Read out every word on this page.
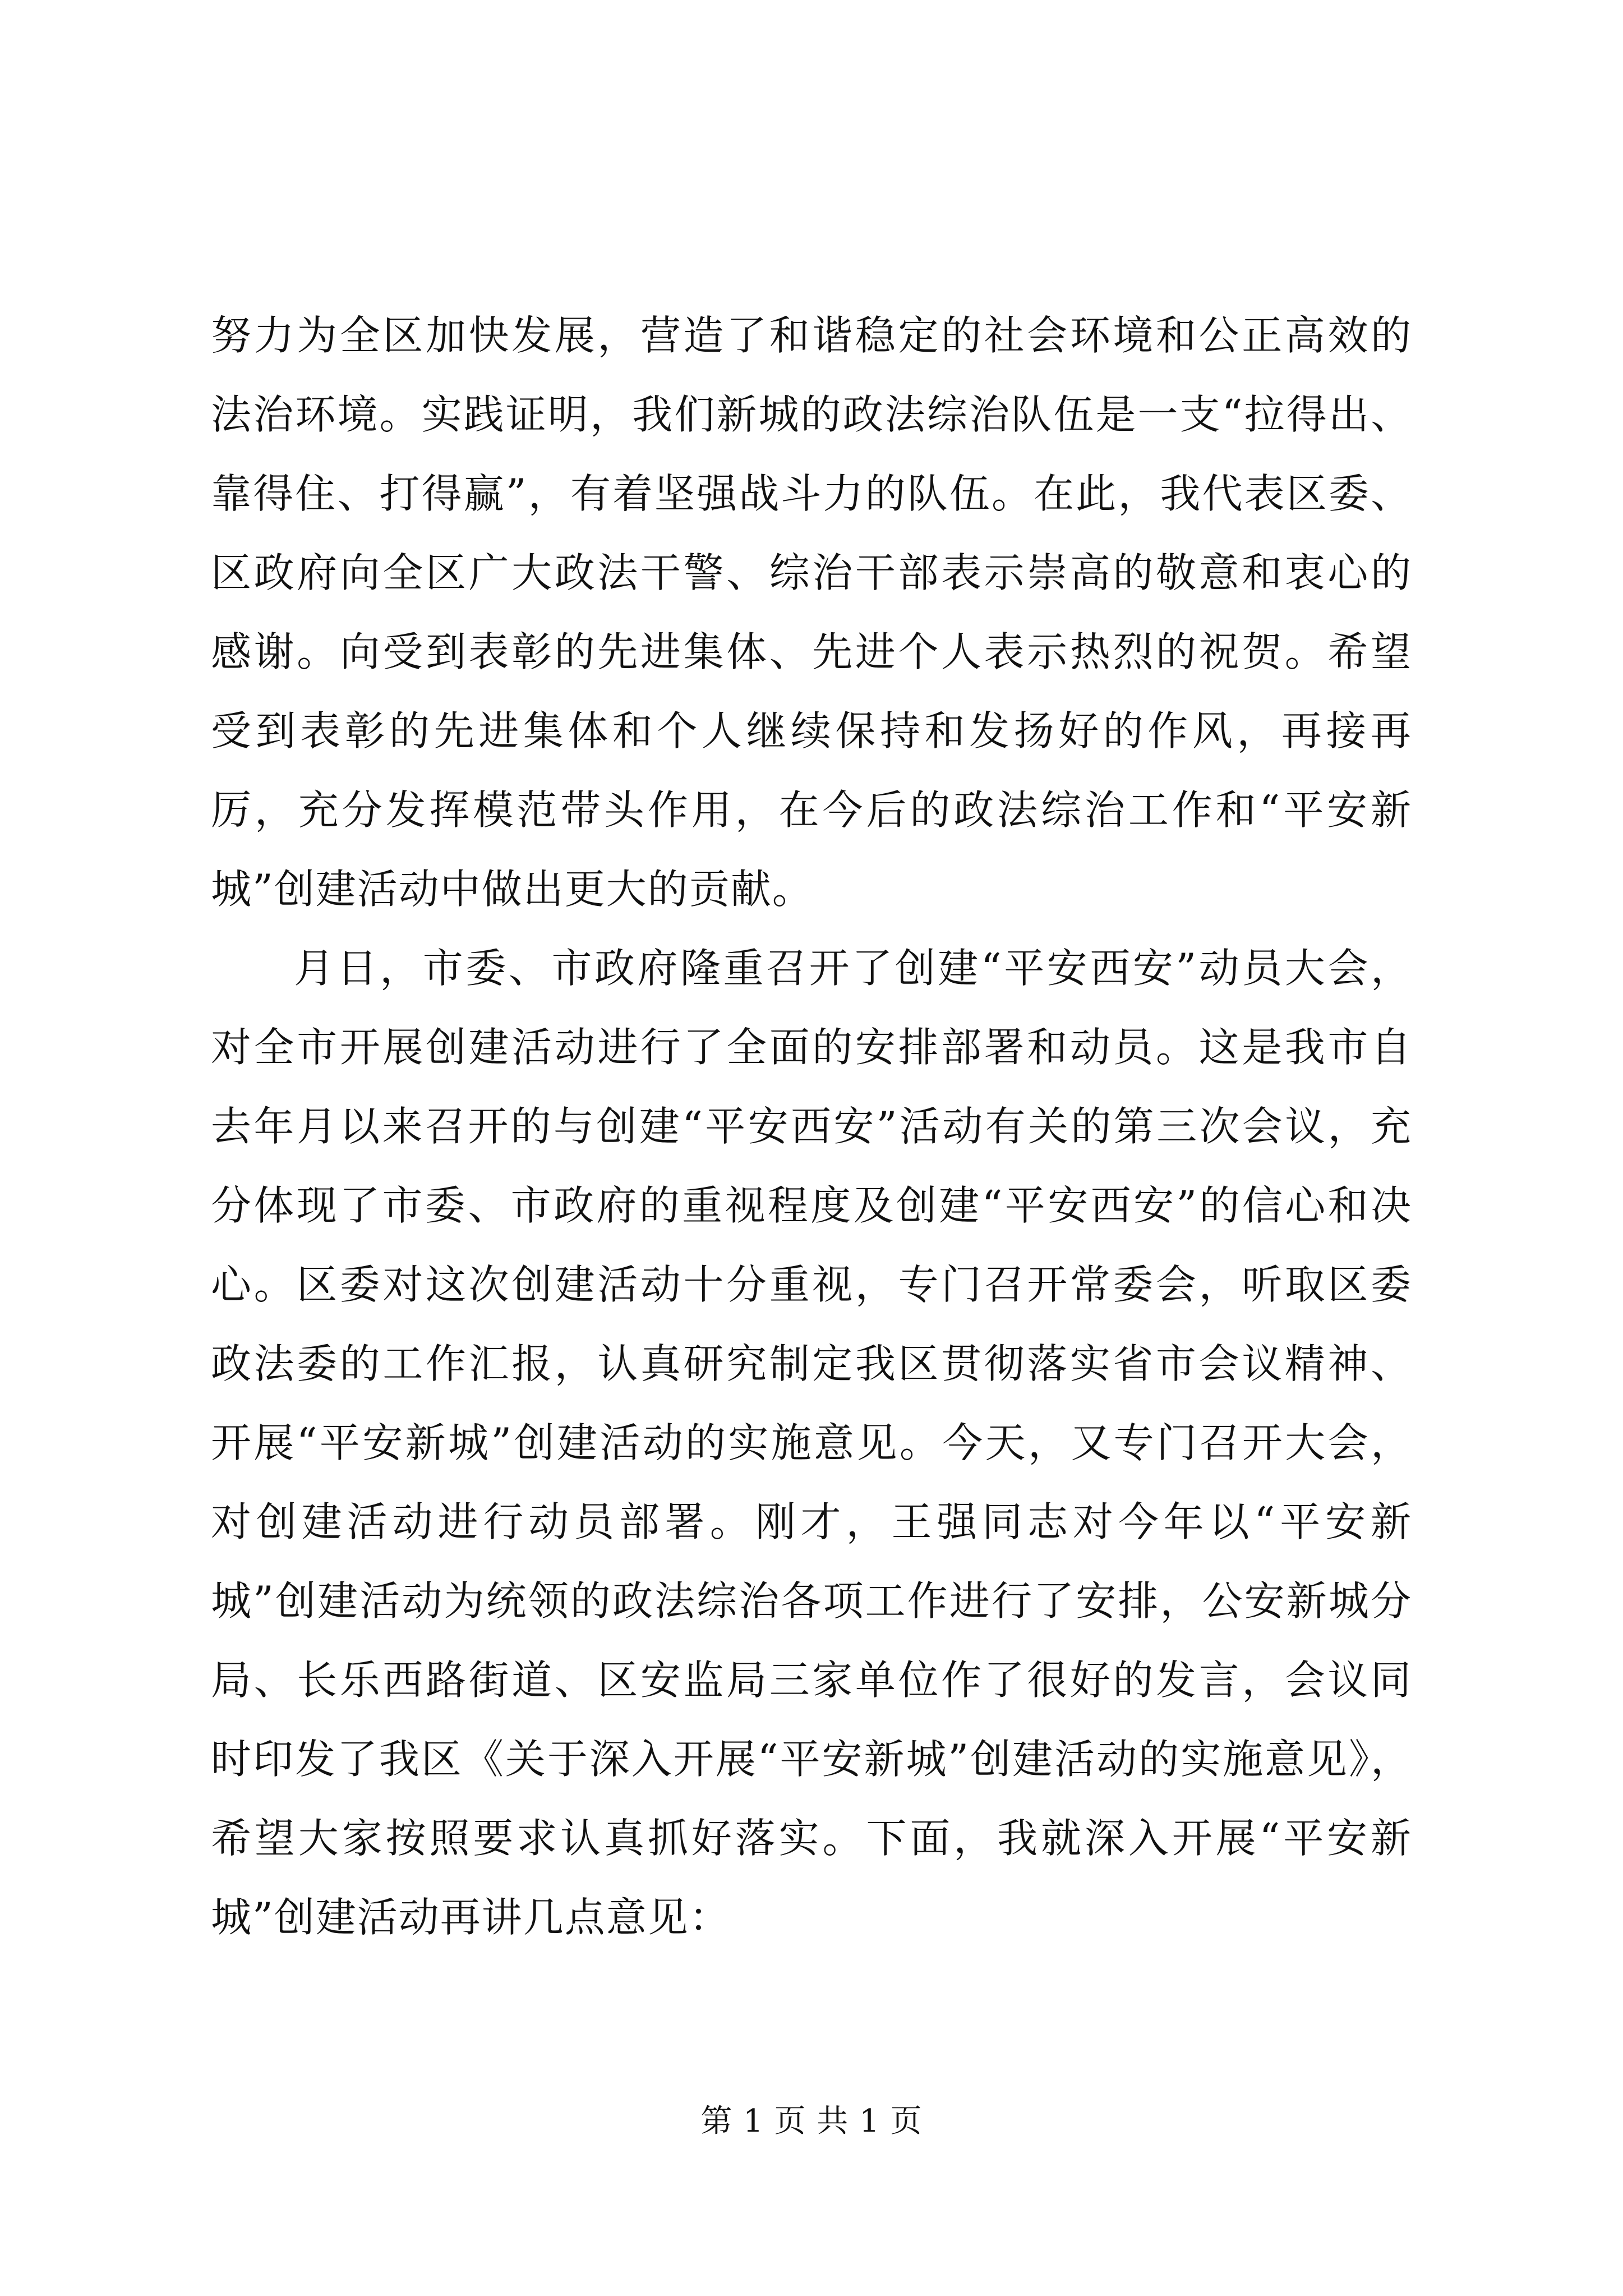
努力为全区加快发展，营造了和谐稳定的社会环境和公正高效的法治环境。实践证明，我们新城的政法综治队伍是一支“拉得出、靠得住、打得赢”，有着坚强战斗力的队伍。在此，我代表区委、区政府向全区广大政法干警、综治干部表示崇高的敬意和衷心的感谢。向受到表彰的先进集体、先进个人表示热烈的祝贺。希望受到表彰的先进集体和个人继续保持和发扬好的作风，再接再厉，充分发挥模范带头作用，在今后的政法综治工作和“平安新城”创建活动中做出更大的贡献。

月日，市委、市政府隆重召开了创建“平安西安”动员大会，对全市开展创建活动进行了全面的安排部署和动员。这是我市自去年月以来召开的与创建“平安西安”活动有关的第三次会议，充分体现了市委、市政府的重视程度及创建“平安西安”的信心和决心。区委对这次创建活动十分重视，专门召开常委会，听取区委政法委的工作汇报，认真研究制定我区贯彻落实省市会议精神、开展“平安新城”创建活动的实施意见。今天，又专门召开大会，对创建活动进行动员部署。刚才，王强同志对今年以“平安新城”创建活动为统领的政法综治各项工作进行了安排，公安新城分局、长乐西路街道、区安监局三家单位作了很好的发言，会议同时印发了我区《关于深入开展“平安新城”创建活动的实施意见》，希望大家按照要求认真抓好落实。下面，我就深入开展“平安新城”创建活动再讲几点意见：

第 1 页 共 1 页
